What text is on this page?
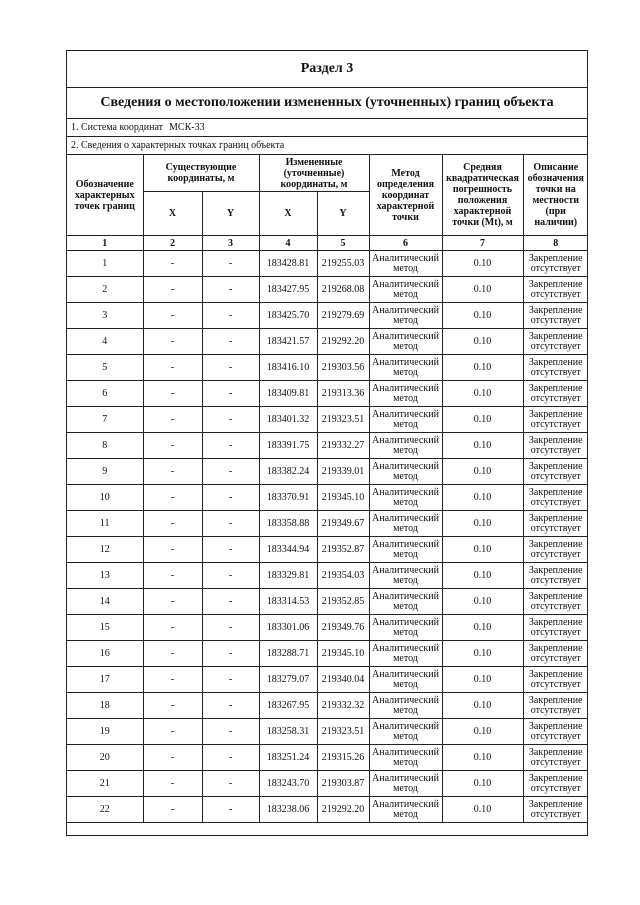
Раздел 3
Сведения о местоположении измененных (уточненных) границ объекта
1. Система координат МСК-33
2. Сведения о характерных точках границ объекта
Обозначение характерных точек границ	Существующие координаты, м		Измененные (уточненные) координаты, м		Метод определения координат характерной точки	Средняя квадратическая погрешность положения характерной точки (Mt), м	Описание обозначения точки на местности (при наличии)
	X	Y	X	Y			
1	2	3	4	5	6	7	8
1	-	-	183428.81	219255.03	Аналитический метод	0.10	Закрепление отсутствует
2	-	-	183427.95	219268.08	Аналитический метод	0.10	Закрепление отсутствует
3	-	-	183425.70	219279.69	Аналитический метод	0.10	Закрепление отсутствует
4	-	-	183421.57	219292.20	Аналитический метод	0.10	Закрепление отсутствует
5	-	-	183416.10	219303.56	Аналитический метод	0.10	Закрепление отсутствует
6	-	-	183409.81	219313.36	Аналитический метод	0.10	Закрепление отсутствует
7	-	-	183401.32	219323.51	Аналитический метод	0.10	Закрепление отсутствует
8	-	-	183391.75	219332.27	Аналитический метод	0.10	Закрепление отсутствует
9	-	-	183382.24	219339.01	Аналитический метод	0.10	Закрепление отсутствует
10	-	-	183370.91	219345.10	Аналитический метод	0.10	Закрепление отсутствует
11	-	-	183358.88	219349.67	Аналитический метод	0.10	Закрепление отсутствует
12	-	-	183344.94	219352.87	Аналитический метод	0.10	Закрепление отсутствует
13	-	-	183329.81	219354.03	Аналитический метод	0.10	Закрепление отсутствует
14	-	-	183314.53	219352.85	Аналитический метод	0.10	Закрепление отсутствует
15	-	-	183301.06	219349.76	Аналитический метод	0.10	Закрепление отсутствует
16	-	-	183288.71	219345.10	Аналитический метод	0.10	Закрепление отсутствует
17	-	-	183279.07	219340.04	Аналитический метод	0.10	Закрепление отсутствует
18	-	-	183267.95	219332.32	Аналитический метод	0.10	Закрепление отсутствует
19	-	-	183258.31	219323.51	Аналитический метод	0.10	Закрепление отсутствует
20	-	-	183251.24	219315.26	Аналитический метод	0.10	Закрепление отсутствует
21	-	-	183243.70	219303.87	Аналитический метод	0.10	Закрепление отсутствует
22	-	-	183238.06	219292.20	Аналитический метод	0.10	Закрепление отсутствует
